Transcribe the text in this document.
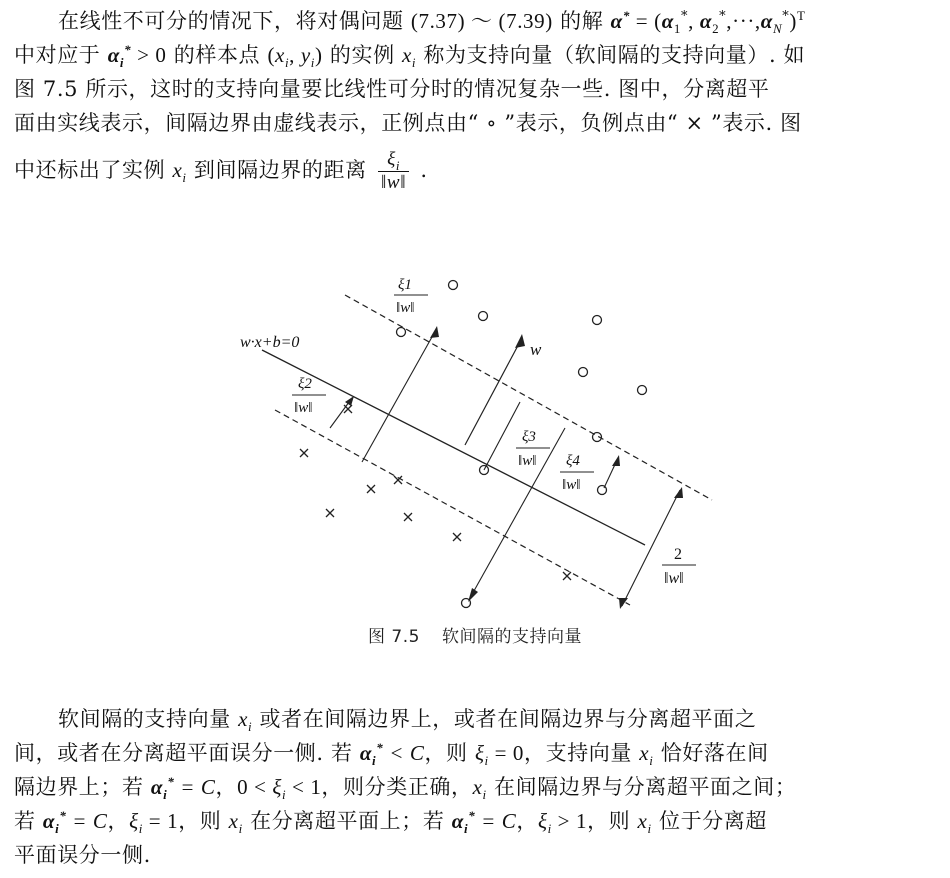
在线性不可分的情况下，将对偶问题 (7.37) ～ (7.39) 的解 $\alpha^* = (\alpha_1^*$, $\alpha_2^*,\cdot\cdot\cdot,\alpha_N^*)^T$
中对应于 $\alpha_i^* > 0$ 的样本点 ($x_i$, $y_i$) 的实例 $x_i$ 称为支持向量（软间隔的支持向量）. 如
图 7.5 所示，这时的支持向量要比线性可分时的情况复杂一些. 图中，分离超平
面由实线表示，间隔边界由虚线表示，正例点由“ ∘ ”表示，负例点由“ × ”表示. 图
中还标出了实例 $x_i$ 到间隔边界的距离 $\frac{\xi_i}{‖w‖}$ .
w·x+b=0	w
ξ1
‖w‖
ξ2
‖w‖
ξ3
‖w‖ ξ4
‖w‖
2
‖w‖
图 7.5 软间隔的支持向量
软间隔的支持向量 $x_i$ 或者在间隔边界上，或者在间隔边界与分离超平面之
间，或者在分离超平面误分一侧. 若 $\alpha_i^* < C$，则 $\xi_i = 0$，支持向量 $x_i$ 恰好落在间
隔边界上；若 $\alpha_i^* = C$，$0 < \xi_i < 1$，则分类正确，$x_i$ 在间隔边界与分离超平面之间；
若 $\alpha_i^* = C$，$\xi_i = 1$，则 $x_i$ 在分离超平面上；若 $\alpha_i^* = C$，$\xi_i > 1$，则 $x_i$ 位于分离超
平面误分一侧.
